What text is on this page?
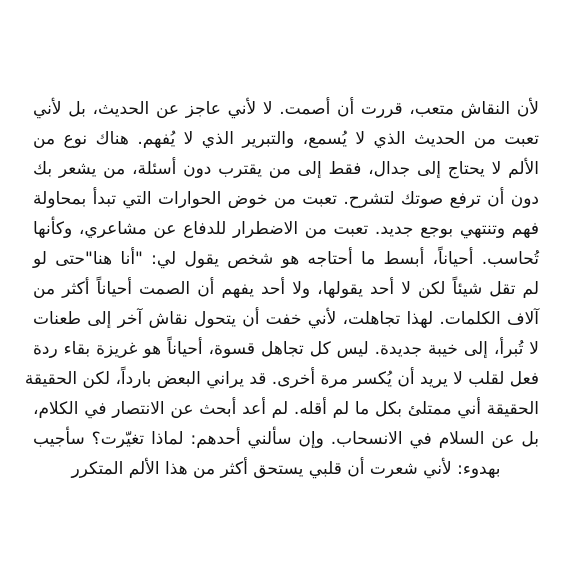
لأن النقاش متعب، قررت أن أصمت. لا لأني عاجز عن الحديث، بل لأني
تعبت من الحديث الذي لا يُسمع، والتبرير الذي لا يُفهم. هناك نوع من
الألم لا يحتاج إلى جدال، فقط إلى من يقترب دون أسئلة، من يشعر بك
دون أن ترفع صوتك لتشرح. تعبت من خوض الحوارات التي تبدأ بمحاولة
فهم وتنتهي بوجع جديد. تعبت من الاضطرار للدفاع عن مشاعري، وكأنها
تُحاسب. أحياناً، أبسط ما أحتاجه هو شخص يقول لي: "أنا هنا"حتى لو
لم تقل شيئاً لكن لا أحد يقولها، ولا أحد يفهم أن الصمت أحياناً أكثر من
آلاف الكلمات. لهذا تجاهلت، لأني خفت أن يتحول نقاش آخر إلى طعنات
لا تُبرأ، إلى خيبة جديدة. ليس كل تجاهل قسوة، أحياناً هو غريزة بقاء ردة
فعل لقلب لا يريد أن يُكسر مرة أخرى. قد يراني البعض بارداً، لكن الحقيقة
الحقيقة أني ممتلئ بكل ما لم أقله. لم أعد أبحث عن الانتصار في الكلام،
بل عن السلام في الانسحاب. وإن سألني أحدهم: لماذا تغيّرت؟ سأجيب
بهدوء: لأني شعرت أن قلبي يستحق أكثر من هذا الألم المتكرر
